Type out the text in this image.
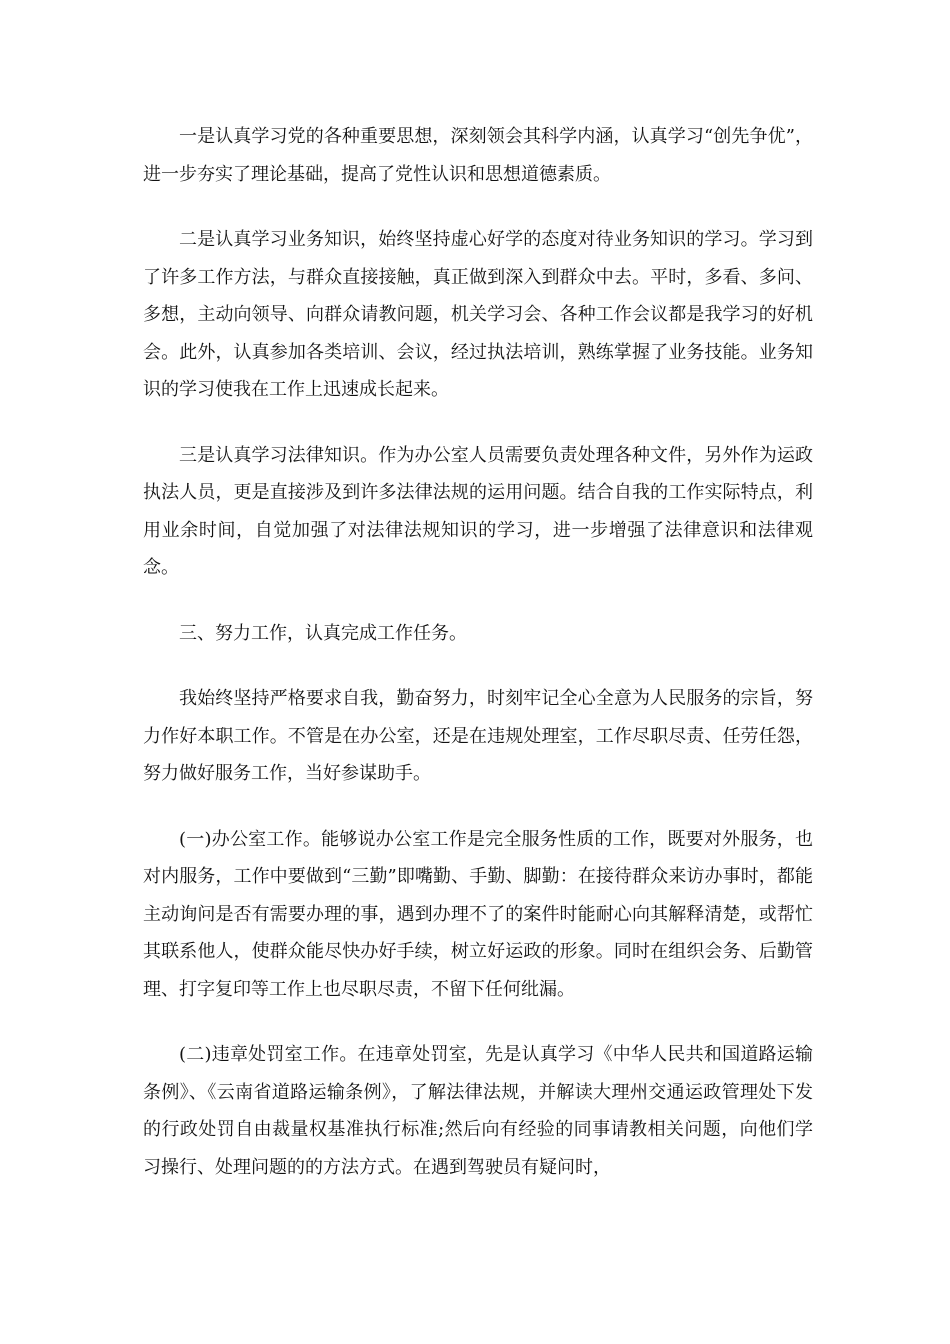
一是认真学习党的各种重要思想，深刻领会其科学内涵，认真学习“创先争优”，进一步夯实了理论基础，提高了党性认识和思想道德素质。

二是认真学习业务知识，始终坚持虚心好学的态度对待业务知识的学习。学习到了许多工作方法，与群众直接接触，真正做到深入到群众中去。平时，多看、多问、多想，主动向领导、向群众请教问题，机关学习会、各种工作会议都是我学习的好机会。此外，认真参加各类培训、会议，经过执法培训，熟练掌握了业务技能。业务知识的学习使我在工作上迅速成长起来。

三是认真学习法律知识。作为办公室人员需要负责处理各种文件，另外作为运政执法人员，更是直接涉及到许多法律法规的运用问题。结合自我的工作实际特点，利用业余时间，自觉加强了对法律法规知识的学习，进一步增强了法律意识和法律观念。

三、努力工作，认真完成工作任务。

我始终坚持严格要求自我，勤奋努力，时刻牢记全心全意为人民服务的宗旨，努力作好本职工作。不管是在办公室，还是在违规处理室，工作尽职尽责、任劳任怨，努力做好服务工作，当好参谋助手。

(一)办公室工作。能够说办公室工作是完全服务性质的工作，既要对外服务，也对内服务，工作中要做到“三勤”即嘴勤、手勤、脚勤：在接待群众来访办事时，都能主动询问是否有需要办理的事，遇到办理不了的案件时能耐心向其解释清楚，或帮忙其联系他人，使群众能尽快办好手续，树立好运政的形象。同时在组织会务、后勤管理、打字复印等工作上也尽职尽责，不留下任何纰漏。

(二)违章处罚室工作。在违章处罚室，先是认真学习《中华人民共和国道路运输条例》、《云南省道路运输条例》，了解法律法规，并解读大理州交通运政管理处下发的行政处罚自由裁量权基准执行标准;然后向有经验的同事请教相关问题，向他们学习操行、处理问题的的方法方式。在遇到驾驶员有疑问时，
